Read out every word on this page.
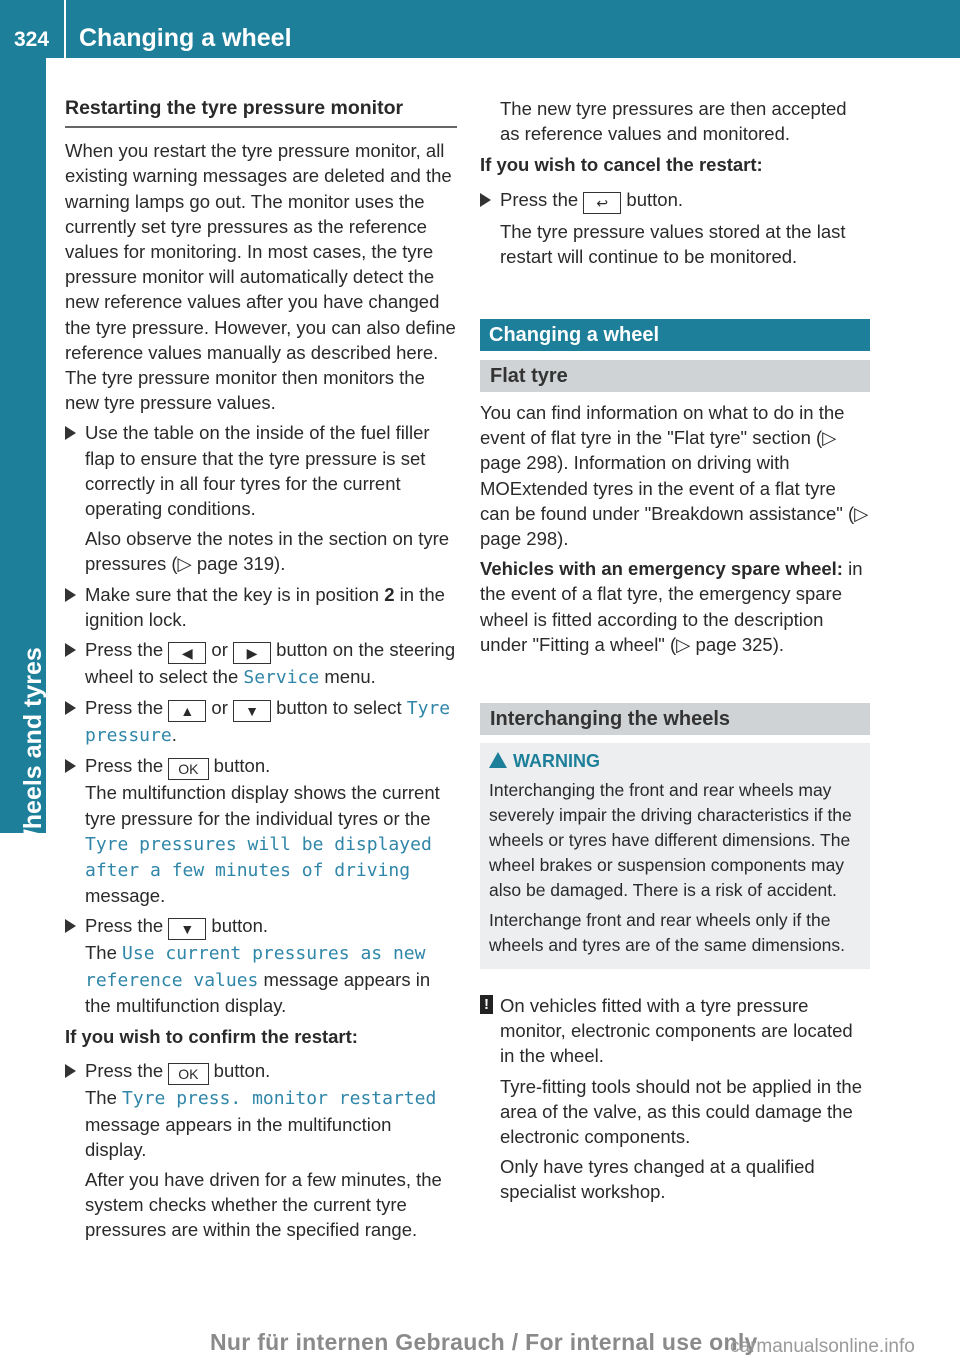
324 Changing a wheel
Wheels and tyres
Restarting the tyre pressure monitor

When you restart the tyre pressure monitor, all existing warning messages are deleted and the warning lamps go out. The monitor uses the currently set tyre pressures as the reference values for monitoring. In most cases, the tyre pressure monitor will automatically detect the new reference values after you have changed the tyre pressure. However, you can also define reference values manually as described here. The tyre pressure monitor then monitors the new tyre pressure values.

Use the table on the inside of the fuel filler flap to ensure that the tyre pressure is set correctly in all four tyres for the current operating conditions.

Also observe the notes in the section on tyre pressures (▷ page 319).

Make sure that the key is in position 2 in the ignition lock.

Press the ◀ or ▶ button on the steering wheel to select the Service menu.

Press the ▲ or ▼ button to select Tyre pressure.

Press the OK button.
The multifunction display shows the current tyre pressure for the individual tyres or the Tyre pressures will be displayed after a few minutes of driving message.

Press the ▼ button.
The Use current pressures as new reference values message appears in the multifunction display.

If you wish to confirm the restart:

Press the OK button.
The Tyre press. monitor restarted message appears in the multifunction display.

After you have driven for a few minutes, the system checks whether the current tyre pressures are within the specified range.

The new tyre pressures are then accepted as reference values and monitored.

If you wish to cancel the restart:

Press the ↩ button.

The tyre pressure values stored at the last restart will continue to be monitored.

Changing a wheel
Flat tyre

You can find information on what to do in the event of flat tyre in the "Flat tyre" section (▷ page 298). Information on driving with MOExtended tyres in the event of a flat tyre can be found under "Breakdown assistance" (▷ page 298).

Vehicles with an emergency spare wheel: in the event of a flat tyre, the emergency spare wheel is fitted according to the description under "Fitting a wheel" (▷ page 325).

Interchanging the wheels
WARNING

Interchanging the front and rear wheels may severely impair the driving characteristics if the wheels or tyres have different dimensions. The wheel brakes or suspension components may also be damaged. There is a risk of accident.

Interchange front and rear wheels only if the wheels and tyres are of the same dimensions.

! On vehicles fitted with a tyre pressure monitor, electronic components are located in the wheel.

Tyre-fitting tools should not be applied in the area of the valve, as this could damage the electronic components.

Only have tyres changed at a qualified specialist workshop.

Nur für internen Gebrauch / For internal use only
carmanualsonline.info
